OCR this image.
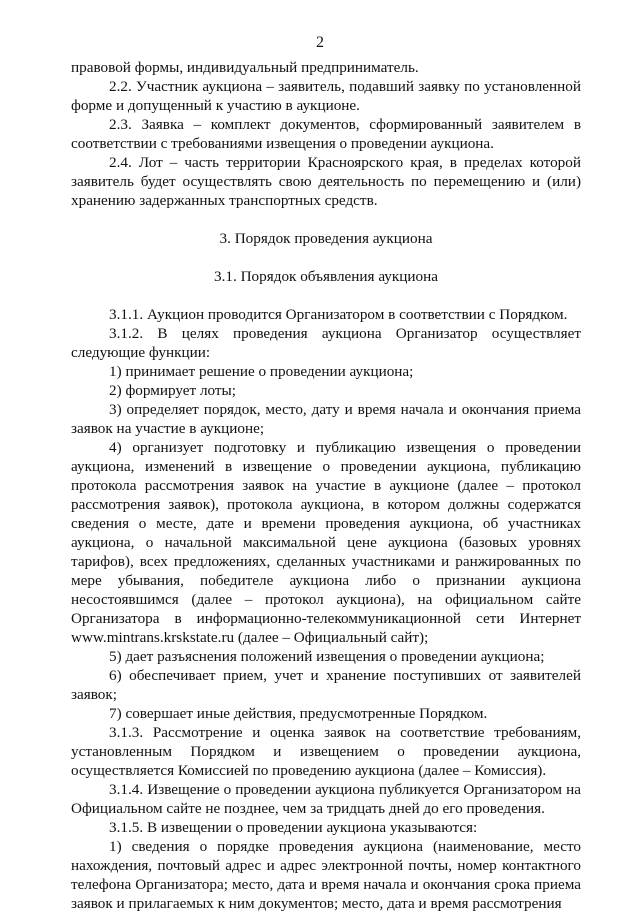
2

правовой формы, индивидуальный предприниматель.

2.2. Участник аукциона – заявитель, подавший заявку по установленной форме и допущенный к участию в аукционе.

2.3. Заявка – комплект документов, сформированный заявителем в соответствии с требованиями извещения о проведении аукциона.

2.4. Лот – часть территории Красноярского края, в пределах которой заявитель будет осуществлять свою деятельность по перемещению и (или) хранению задержанных транспортных средств.

3. Порядок проведения аукциона

3.1. Порядок объявления аукциона

3.1.1. Аукцион проводится Организатором в соответствии с Порядком.

3.1.2. В целях проведения аукциона Организатор осуществляет следующие функции:

1) принимает решение о проведении аукциона;

2) формирует лоты;

3) определяет порядок, место, дату и время начала и окончания приема заявок на участие в аукционе;

4) организует подготовку и публикацию извещения о проведении аукциона, изменений в извещение о проведении аукциона, публикацию протокола рассмотрения заявок на участие в аукционе (далее – протокол рассмотрения заявок), протокола аукциона, в котором должны содержатся сведения о месте, дате и времени проведения аукциона, об участниках аукциона, о начальной максимальной цене аукциона (базовых уровнях тарифов), всех предложениях, сделанных участниками и ранжированных по мере убывания, победителе аукциона либо о признании аукциона несостоявшимся (далее – протокол аукциона), на официальном сайте Организатора в информационно-телекоммуникационной сети Интернет www.mintrans.krskstate.ru (далее – Официальный сайт);

5) дает разъяснения положений извещения о проведении аукциона;

6) обеспечивает прием, учет и хранение поступивших от заявителей заявок;

7) совершает иные действия, предусмотренные Порядком.

3.1.3. Рассмотрение и оценка заявок на соответствие требованиям, установленным Порядком и извещением о проведении аукциона, осуществляется Комиссией по проведению аукциона (далее – Комиссия).

3.1.4. Извещение о проведении аукциона публикуется Организатором на Официальном сайте не позднее, чем за тридцать дней до его проведения.

3.1.5. В извещении о проведении аукциона указываются:

1) сведения о порядке проведения аукциона (наименование, место нахождения, почтовый адрес и адрес электронной почты, номер контактного телефона Организатора; место, дата и время начала и окончания срока приема заявок и прилагаемых к ним документов; место, дата и время рассмотрения
